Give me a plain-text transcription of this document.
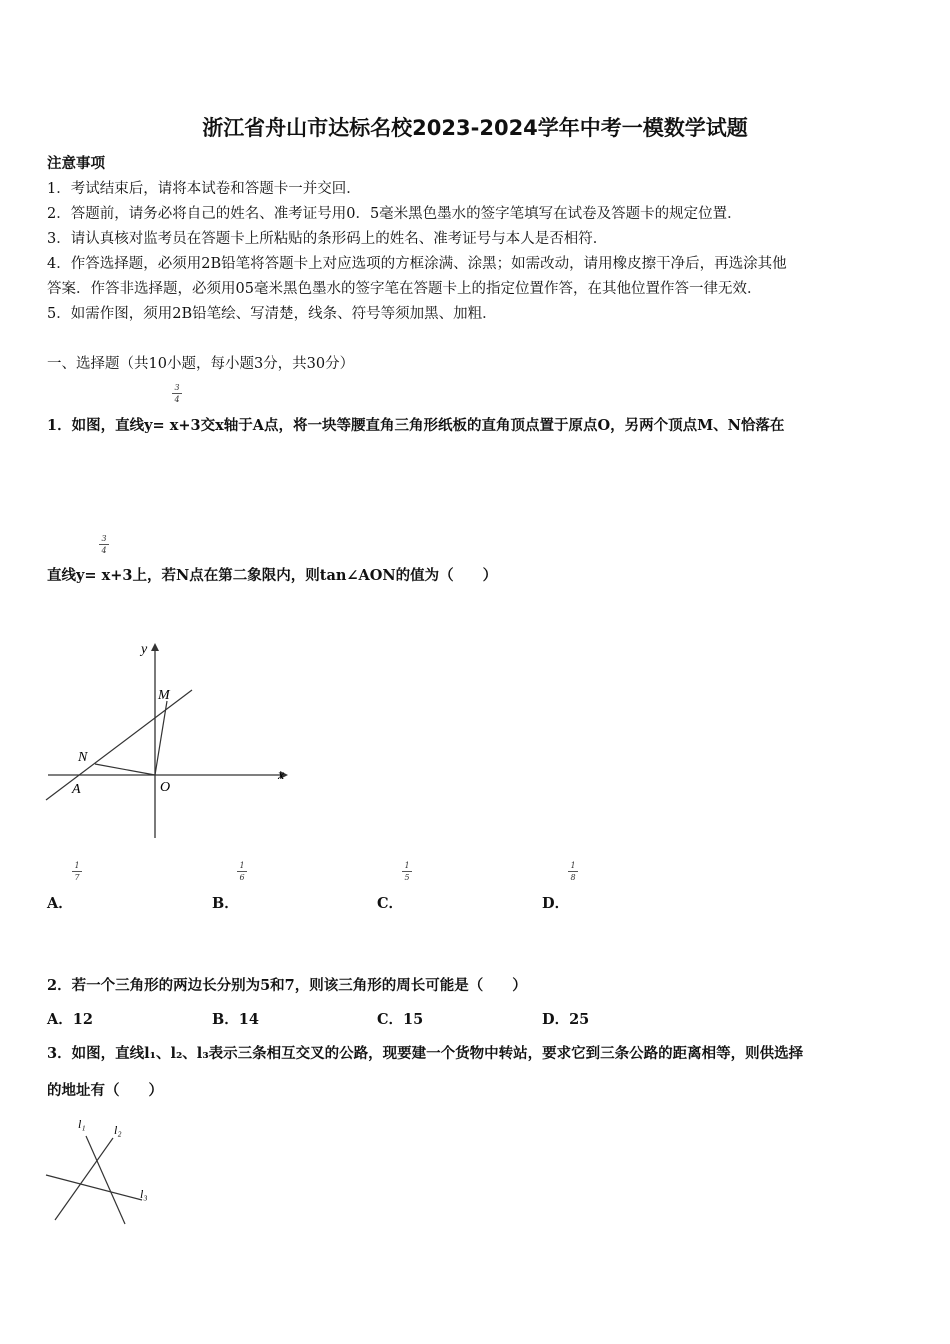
浙江省舟山市达标名校2023-2024学年中考一模数学试题
注意事项
1．考试结束后，请将本试卷和答题卡一并交回．
2．答题前，请务必将自己的姓名、准考证号用0．5毫米黑色墨水的签字笔填写在试卷及答题卡的规定位置．
3．请认真核对监考员在答题卡上所粘贴的条形码上的姓名、准考证号与本人是否相符．
4．作答选择题，必须用2B铅笔将答题卡上对应选项的方框涂满、涂黑；如需改动，请用橡皮擦干净后，再选涂其他
答案．作答非选择题，必须用05毫米黑色墨水的签字笔在答题卡上的指定位置作答，在其他位置作答一律无效．
5．如需作图，须用2B铅笔绘、写清楚，线条、符号等须加黑、加粗．
一、选择题（共10小题，每小题3分，共30分）
3
4
1．如图，直线y= x+3交x轴于A点，将一块等腰直角三角形纸板的直角顶点置于原点O，另两个顶点M、N恰落在
3
4
直线y= x+3上，若N点在第二象限内，则tan∠AON的值为（　　）
y
x
M
N
O
A
1
7
A．
1
6
B．
1
5
C．
1
8
D．
2．若一个三角形的两边长分别为5和7，则该三角形的周长可能是（　　）
A．12	B．14	C．15	D．25
3．如图，直线l₁、l₂、l₃表示三条相互交叉的公路，现要建一个货物中转站，要求它到三条公路的距离相等，则供选择
的地址有（　　）
l₁ l₂
l₃
